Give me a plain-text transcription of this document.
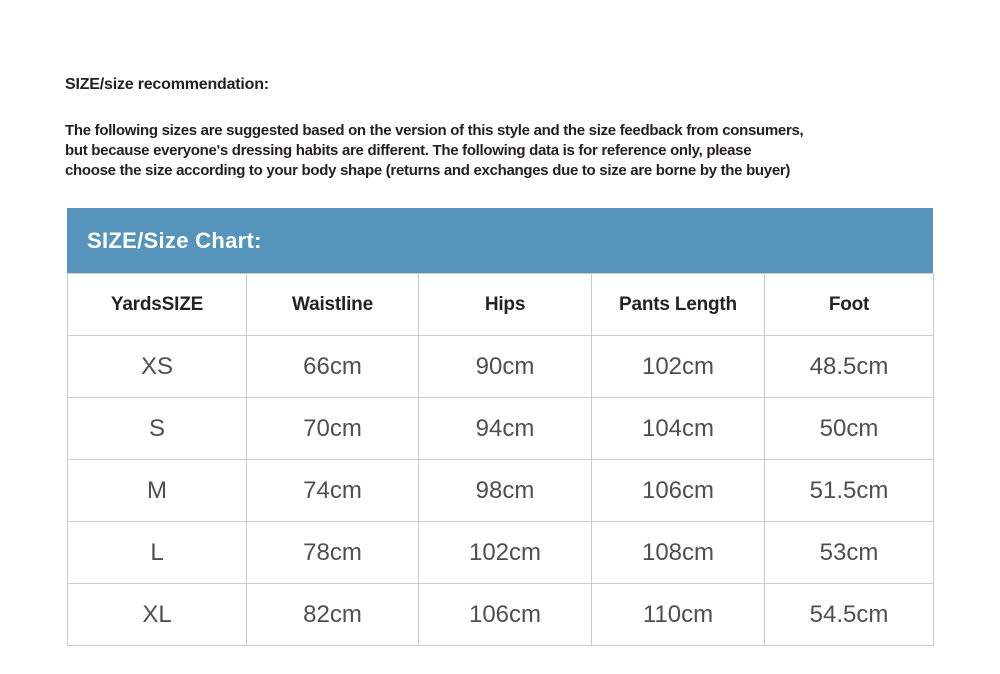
SIZE/size recommendation:
The following sizes are suggested based on the version of this style and the size feedback from consumers,
but because everyone's dressing habits are different. The following data is for reference only, please
choose the size according to your body shape (returns and exchanges due to size are borne by the buyer)
SIZE/Size Chart:
YardsSIZE	Waistline	Hips	Pants Length	Foot
XS	66cm	90cm	102cm	48.5cm
S	70cm	94cm	104cm	50cm
M	74cm	98cm	106cm	51.5cm
L	78cm	102cm	108cm	53cm
XL	82cm	106cm	110cm	54.5cm
